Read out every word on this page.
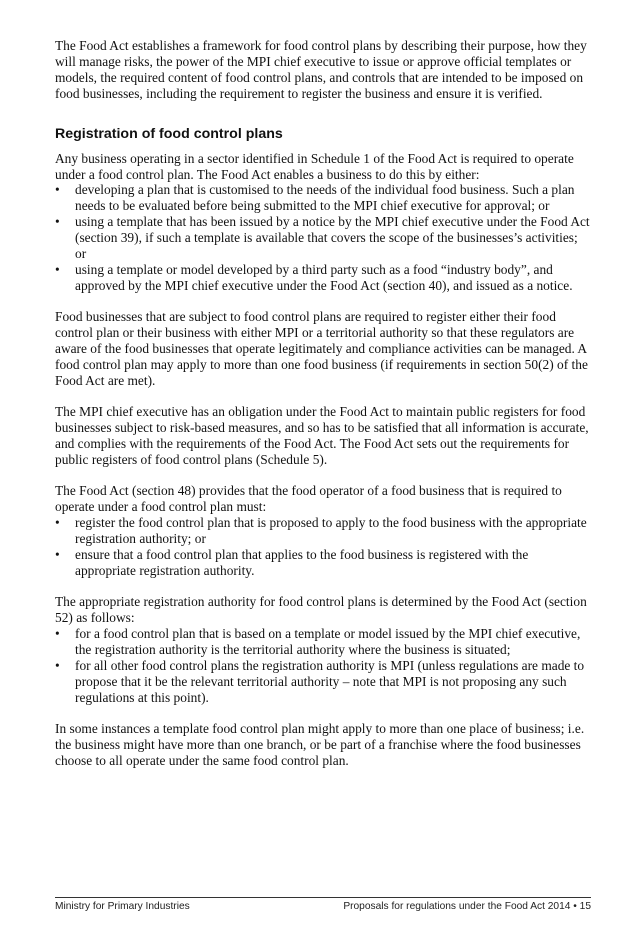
The Food Act establishes a framework for food control plans by describing their purpose, how they will manage risks, the power of the MPI chief executive to issue or approve official templates or models, the required content of food control plans, and controls that are intended to be imposed on food businesses, including the requirement to register the business and ensure it is verified.

Registration of food control plans

Any business operating in a sector identified in Schedule 1 of the Food Act is required to operate under a food control plan. The Food Act enables a business to do this by either:

• developing a plan that is customised to the needs of the individual food business. Such a plan needs to be evaluated before being submitted to the MPI chief executive for approval; or
• using a template that has been issued by a notice by the MPI chief executive under the Food Act (section 39), if such a template is available that covers the scope of the businesses’s activities; or
• using a template or model developed by a third party such as a food “industry body”, and approved by the MPI chief executive under the Food Act (section 40), and issued as a notice.

Food businesses that are subject to food control plans are required to register either their food control plan or their business with either MPI or a territorial authority so that these regulators are aware of the food businesses that operate legitimately and compliance activities can be managed. A food control plan may apply to more than one food business (if requirements in section 50(2) of the Food Act are met).

The MPI chief executive has an obligation under the Food Act to maintain public registers for food businesses subject to risk-based measures, and so has to be satisfied that all information is accurate, and complies with the requirements of the Food Act. The Food Act sets out the requirements for public registers of food control plans (Schedule 5).

The Food Act (section 48) provides that the food operator of a food business that is required to operate under a food control plan must:

• register the food control plan that is proposed to apply to the food business with the appropriate registration authority; or
• ensure that a food control plan that applies to the food business is registered with the appropriate registration authority.

The appropriate registration authority for food control plans is determined by the Food Act (section 52) as follows:

• for a food control plan that is based on a template or model issued by the MPI chief executive, the registration authority is the territorial authority where the business is situated;
• for all other food control plans the registration authority is MPI (unless regulations are made to propose that it be the relevant territorial authority – note that MPI is not proposing any such regulations at this point).

In some instances a template food control plan might apply to more than one place of business; i.e. the business might have more than one branch, or be part of a franchise where the food businesses choose to all operate under the same food control plan.

Ministry for Primary Industries	Proposals for regulations under the Food Act 2014 • 15
